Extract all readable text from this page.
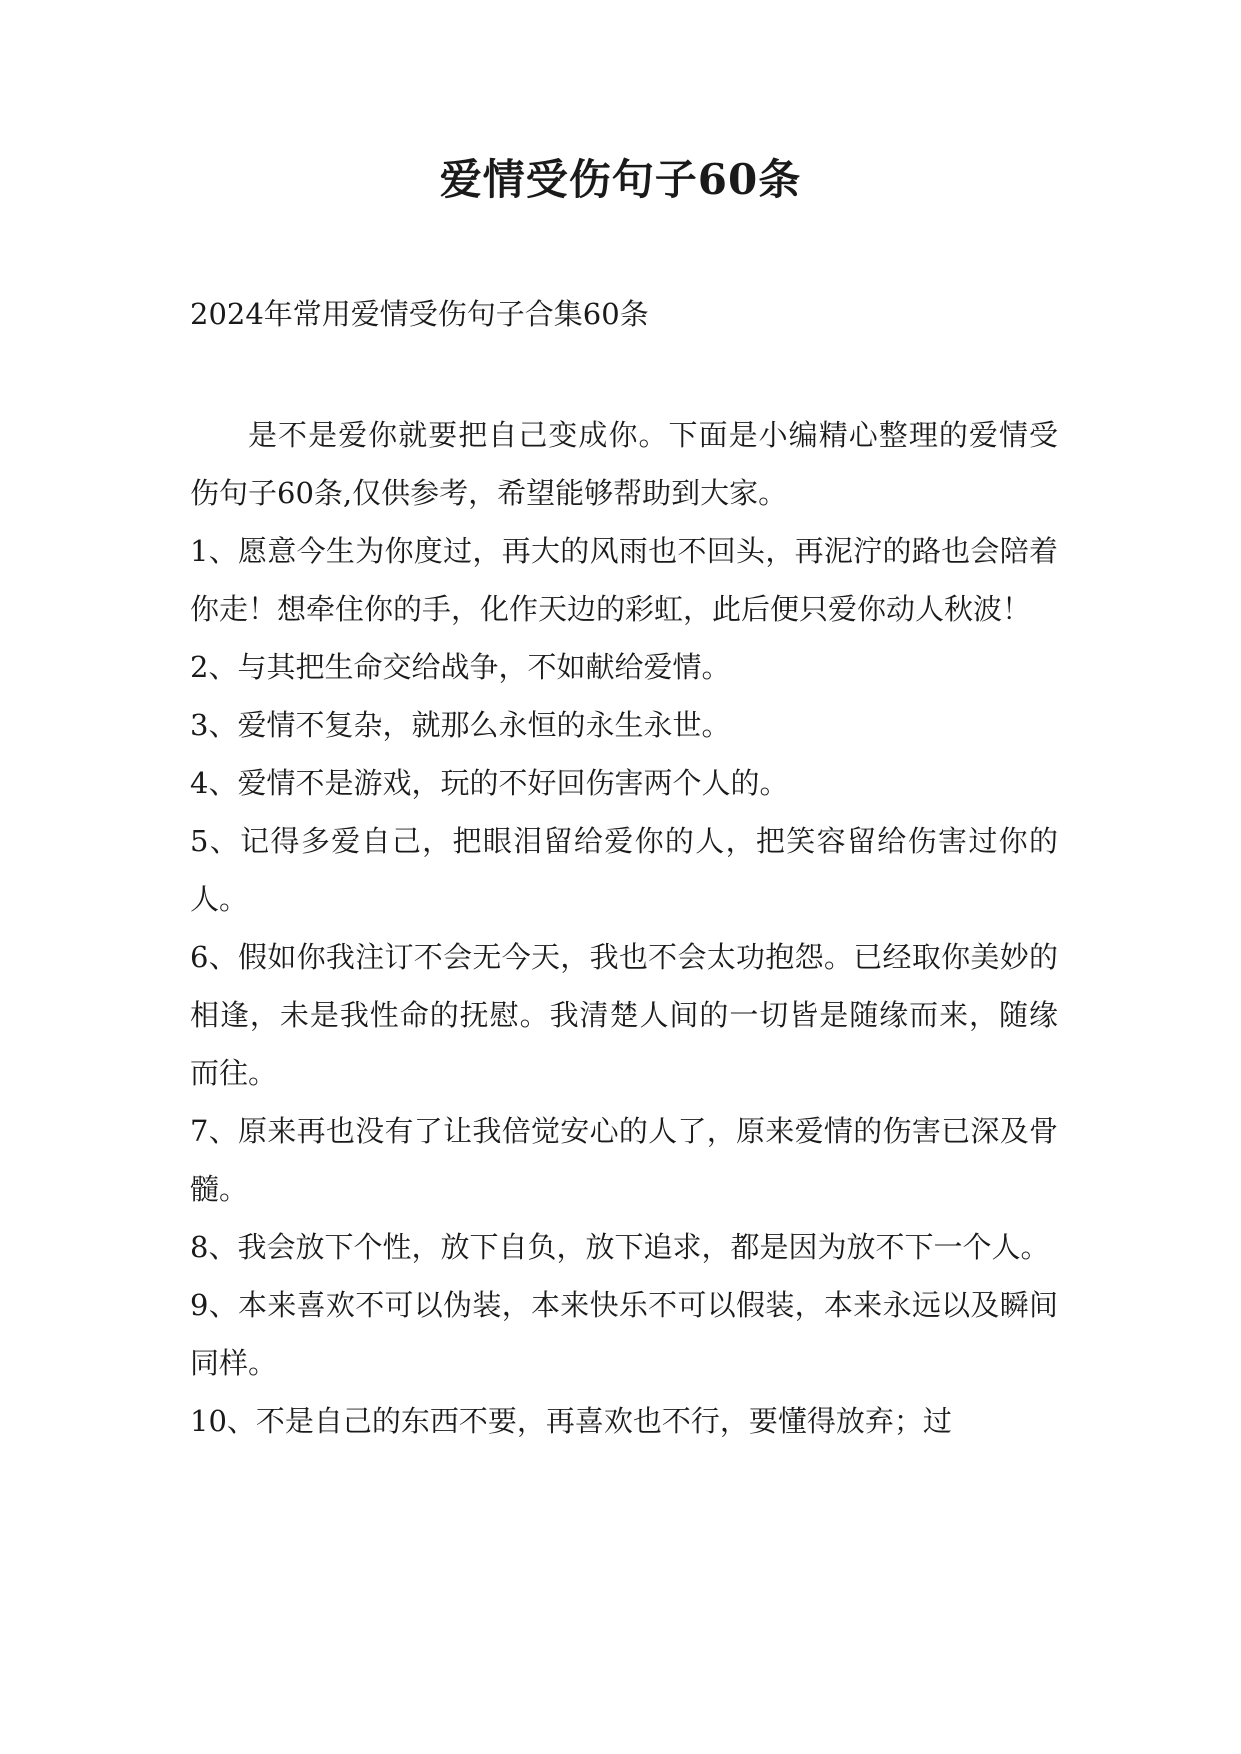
爱情受伤句子60条
2024年常用爱情受伤句子合集60条

是不是爱你就要把自己变成你。下面是小编精心整理的爱情受伤句子60条,仅供参考，希望能够帮助到大家。

1、愿意今生为你度过，再大的风雨也不回头，再泥泞的路也会陪着你走！想牵住你的手，化作天边的彩虹，此后便只爱你动人秋波！

2、与其把生命交给战争，不如献给爱情。

3、爱情不复杂，就那么永恒的永生永世。

4、爱情不是游戏，玩的不好回伤害两个人的。

5、记得多爱自己，把眼泪留给爱你的人，把笑容留给伤害过你的人。

6、假如你我注订不会无今天，我也不会太功抱怨。已经取你美妙的相逢，未是我性命的抚慰。我清楚人间的一切皆是随缘而来，随缘而往。

7、原来再也没有了让我倍觉安心的人了，原来爱情的伤害已深及骨髓。

8、我会放下个性，放下自负，放下追求，都是因为放不下一个人。

9、本来喜欢不可以伪装，本来快乐不可以假装，本来永远以及瞬间同样。

10、不是自己的东西不要，再喜欢也不行，要懂得放弃；过
